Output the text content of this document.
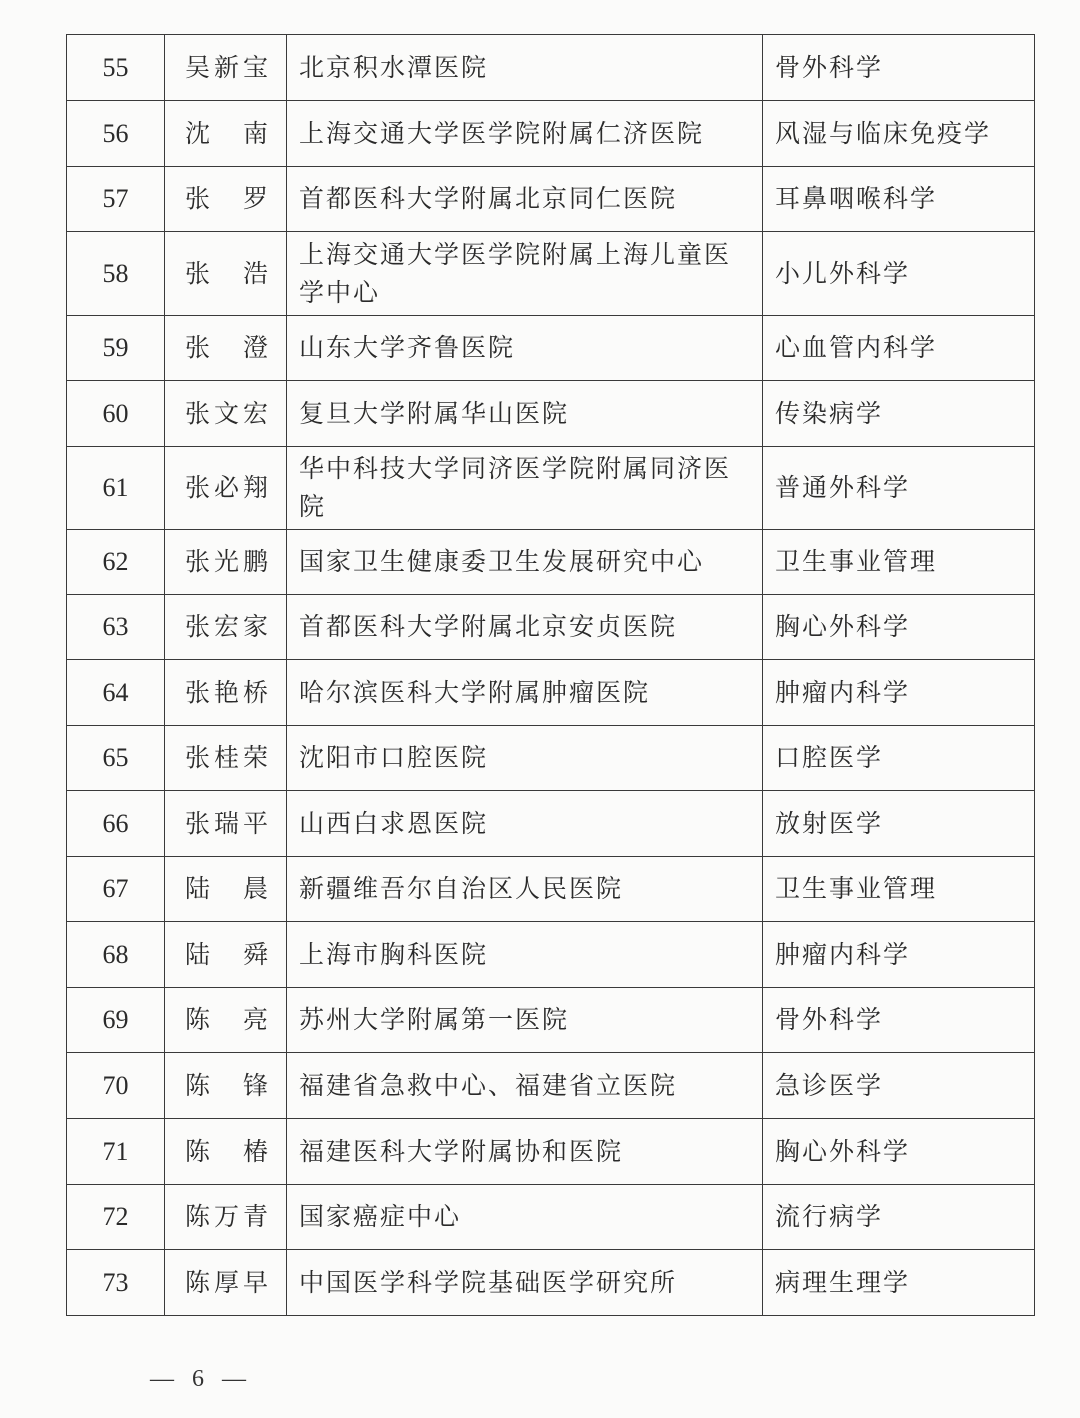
55	吴新宝	北京积水潭医院	骨外科学
56	沈　南	上海交通大学医学院附属仁济医院	风湿与临床免疫学
57	张　罗	首都医科大学附属北京同仁医院	耳鼻咽喉科学
58	张　浩	上海交通大学医学院附属上海儿童医学中心	小儿外科学
59	张　澄	山东大学齐鲁医院	心血管内科学
60	张文宏	复旦大学附属华山医院	传染病学
61	张必翔	华中科技大学同济医学院附属同济医院	普通外科学
62	张光鹏	国家卫生健康委卫生发展研究中心	卫生事业管理
63	张宏家	首都医科大学附属北京安贞医院	胸心外科学
64	张艳桥	哈尔滨医科大学附属肿瘤医院	肿瘤内科学
65	张桂荣	沈阳市口腔医院	口腔医学
66	张瑞平	山西白求恩医院	放射医学
67	陆　晨	新疆维吾尔自治区人民医院	卫生事业管理
68	陆　舜	上海市胸科医院	肿瘤内科学
69	陈　亮	苏州大学附属第一医院	骨外科学
70	陈　锋	福建省急救中心、福建省立医院	急诊医学
71	陈　椿	福建医科大学附属协和医院	胸心外科学
72	陈万青	国家癌症中心	流行病学
73	陈厚早	中国医学科学院基础医学研究所	病理生理学
— 6 —
